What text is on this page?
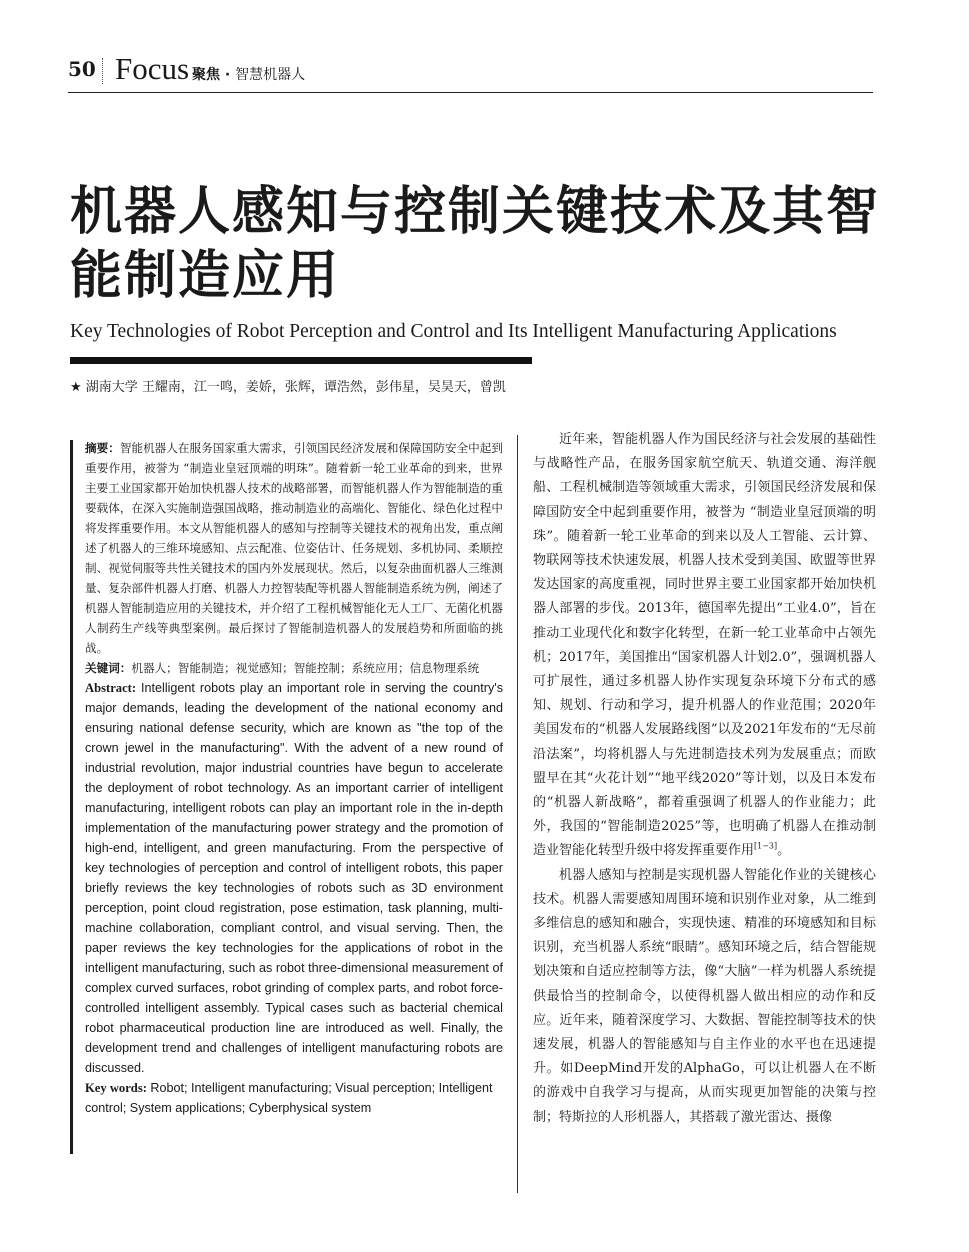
50 Focus 聚焦 · 智慧机器人
机器人感知与控制关键技术及其智能制造应用
Key Technologies of Robot Perception and Control and Its Intelligent Manufacturing Applications
★ 湖南大学 王耀南，江一鸣，姜娇，张辉，谭浩然，彭伟星，吴昊天，曾凯

摘要：智能机器人在服务国家重大需求，引领国民经济发展和保障国防安全中起到重要作用，被誉为 “制造业皇冠顶端的明珠”。随着新一轮工业革命的到来，世界主要工业国家都开始加快机器人技术的战略部署，而智能机器人作为智能制造的重要载体，在深入实施制造强国战略，推动制造业的高端化、智能化、绿色化过程中将发挥重要作用。本文从智能机器人的感知与控制等关键技术的视角出发，重点阐述了机器人的三维环境感知、点云配准、位姿估计、任务规划、多机协同、柔顺控制、视觉伺服等共性关键技术的国内外发展现状。然后，以复杂曲面机器人三维测量、复杂部件机器人打磨、机器人力控智装配等机器人智能制造系统为例，阐述了机器人智能制造应用的关键技术，并介绍了工程机械智能化无人工厂、无菌化机器人制药生产线等典型案例。最后探讨了智能制造机器人的发展趋势和所面临的挑战。

关键词：机器人；智能制造；视觉感知；智能控制；系统应用；信息物理系统

Abstract: Intelligent robots play an important role in serving the country's major demands, leading the development of the national economy and ensuring national defense security, which are known as "the top of the crown jewel in the manufacturing". With the advent of a new round of industrial revolution, major industrial countries have begun to accelerate the deployment of robot technology. As an important carrier of intelligent manufacturing, intelligent robots can play an important role in the in-depth implementation of the manufacturing power strategy and the promotion of high-end, intelligent, and green manufacturing. From the perspective of key technologies of perception and control of intelligent robots, this paper briefly reviews the key technologies of robots such as 3D environment perception, point cloud registration, pose estimation, task planning, multi-machine collaboration, compliant control, and visual serving. Then, the paper reviews the key technologies for the applications of robot in the intelligent manufacturing, such as robot three-dimensional measurement of complex curved surfaces, robot grinding of complex parts, and robot force-controlled intelligent assembly. Typical cases such as bacterial chemical robot pharmaceutical production line are introduced as well. Finally, the development trend and challenges of intelligent manufacturing robots are discussed.

Key words: Robot; Intelligent manufacturing; Visual perception; Intelligent control; System applications; Cyberphysical system

近年来，智能机器人作为国民经济与社会发展的基础性与战略性产品，在服务国家航空航天、轨道交通、海洋舰船、工程机械制造等领域重大需求，引领国民经济发展和保障国防安全中起到重要作用，被誉为 “制造业皇冠顶端的明珠”。随着新一轮工业革命的到来以及人工智能、云计算、物联网等技术快速发展，机器人技术受到美国、欧盟等世界发达国家的高度重视，同时世界主要工业国家都开始加快机器人部署的步伐。2013年，德国率先提出“工业4.0”，旨在推动工业现代化和数字化转型，在新一轮工业革命中占领先机；2017年，美国推出“国家机器人计划2.0”，强调机器人可扩展性，通过多机器人协作实现复杂环境下分布式的感知、规划、行动和学习，提升机器人的作业范围；2020年美国发布的“机器人发展路线图”以及2021年发布的“无尽前沿法案”，均将机器人与先进制造技术列为发展重点；而欧盟早在其“火花计划”“地平线2020”等计划，以及日本发布的“机器人新战略”，都着重强调了机器人的作业能力；此外，我国的“智能制造2025”等，也明确了机器人在推动制造业智能化转型升级中将发挥重要作用[1−3]。

机器人感知与控制是实现机器人智能化作业的关键核心技术。机器人需要感知周围环境和识别作业对象，从二维到多维信息的感知和融合，实现快速、精准的环境感知和目标识别，充当机器人系统“眼睛”。感知环境之后，结合智能规划决策和自适应控制等方法，像“大脑”一样为机器人系统提供最恰当的控制命令，以使得机器人做出相应的动作和反应。近年来，随着深度学习、大数据、智能控制等技术的快速发展，机器人的智能感知与自主作业的水平也在迅速提升。如DeepMind开发的AlphaGo，可以让机器人在不断的游戏中自我学习与提高，从而实现更加智能的决策与控制；特斯拉的人形机器人，其搭载了激光雷达、摄像
